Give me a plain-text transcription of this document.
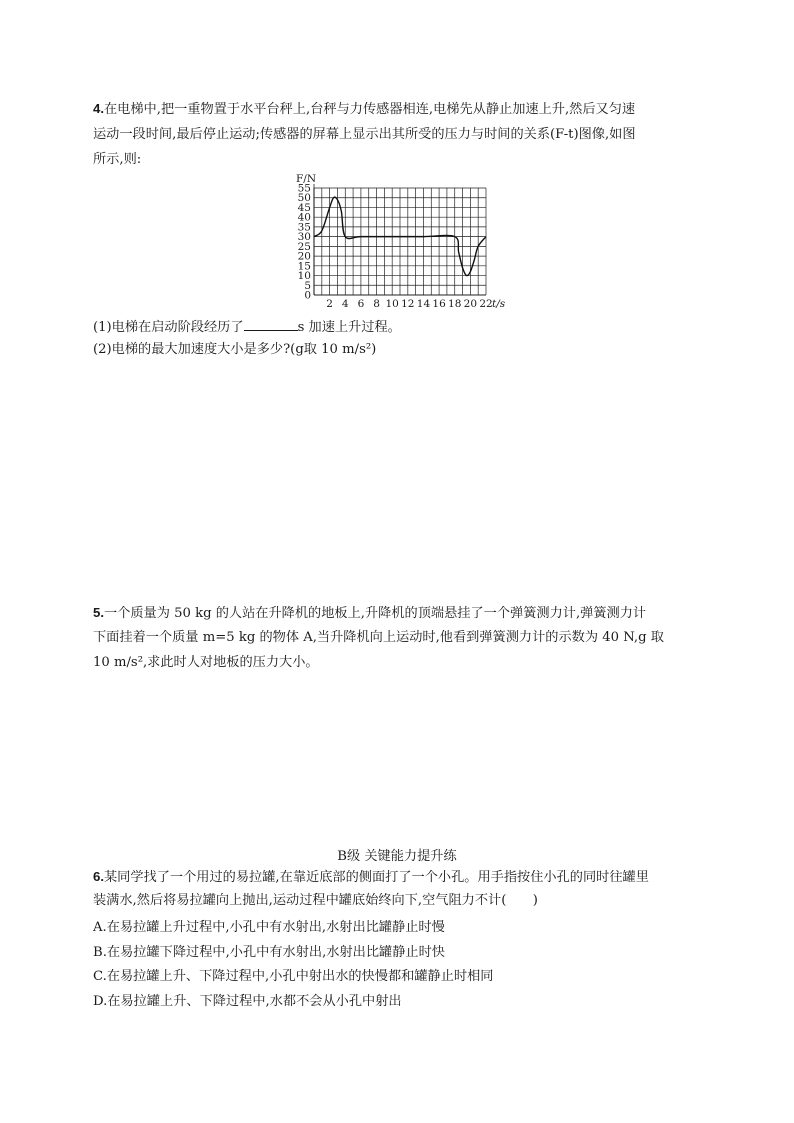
4.在电梯中,把一重物置于水平台秤上,台秤与力传感器相连,电梯先从静止加速上升,然后又匀速
运动一段时间,最后停止运动;传感器的屏幕上显示出其所受的压力与时间的关系(F-t)图像,如图
所示,则:
55
50
45
40
35
30
25
20
15
10
5
0
2 4 6 8 10 12 14 16 18 20 22
F/N
t/s
(1)电梯在启动阶段经历了	s 加速上升过程。
(2)电梯的最大加速度大小是多少?(g取 10 m/s²)
5.一个质量为 50 kg 的人站在升降机的地板上,升降机的顶端悬挂了一个弹簧测力计,弹簧测力计
下面挂着一个质量 m=5 kg 的物体 A,当升降机向上运动时,他看到弹簧测力计的示数为 40 N,g 取
10 m/s²,求此时人对地板的压力大小。
B级 关键能力提升练
6.某同学找了一个用过的易拉罐,在靠近底部的侧面打了一个小孔。用手指按住小孔的同时往罐里
装满水,然后将易拉罐向上抛出,运动过程中罐底始终向下,空气阻力不计(　　)
A.在易拉罐上升过程中,小孔中有水射出,水射出比罐静止时慢
B.在易拉罐下降过程中,小孔中有水射出,水射出比罐静止时快
C.在易拉罐上升、下降过程中,小孔中射出水的快慢都和罐静止时相同
D.在易拉罐上升、下降过程中,水都不会从小孔中射出
